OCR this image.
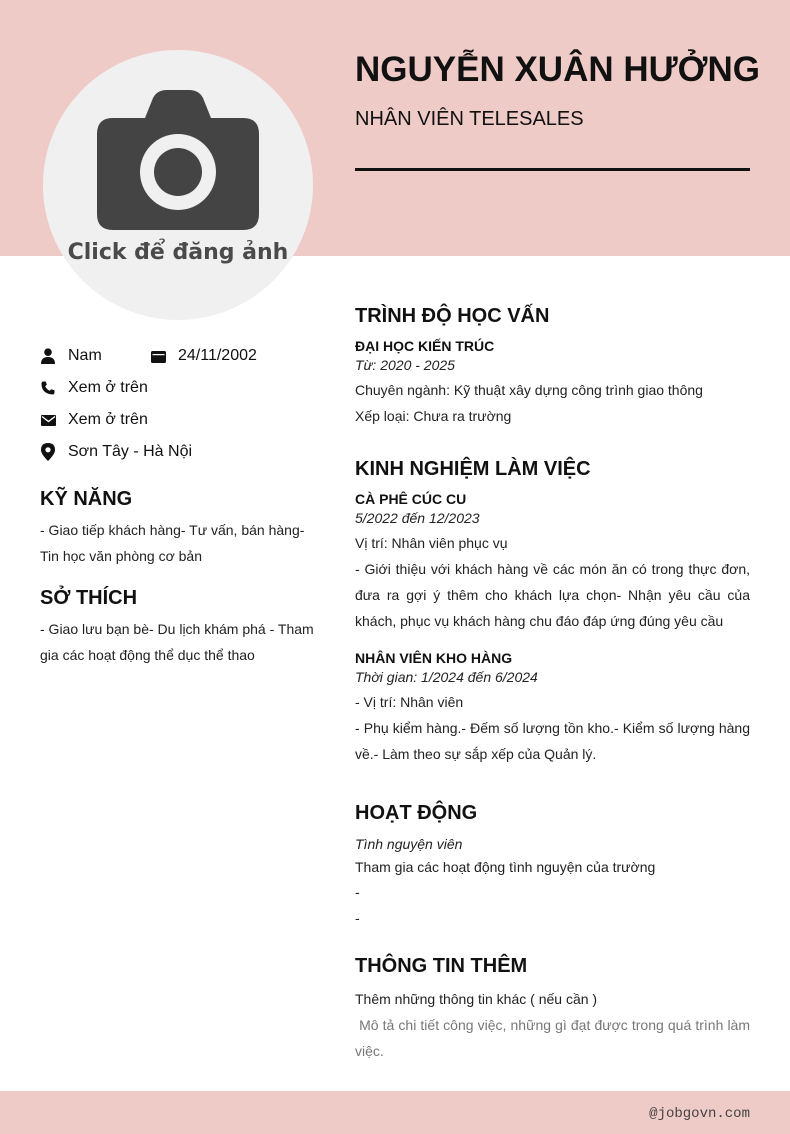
Click để đăng ảnh
NGUYỄN XUÂN HƯỞNG
NHÂN VIÊN TELESALES
Nam	24/11/2002
Xem ở trên
Xem ở trên
Sơn Tây - Hà Nội
KỸ NĂNG
- Giao tiếp khách hàng- Tư vấn, bán hàng- Tin học văn phòng cơ bản
SỞ THÍCH
- Giao lưu bạn bè- Du lịch khám phá - Tham gia các hoạt động thể dục thể thao
TRÌNH ĐỘ HỌC VẤN
ĐẠI HỌC KIẾN TRÚC
Từ: 2020 - 2025
Chuyên ngành: Kỹ thuật xây dựng công trình giao thông
Xếp loại: Chưa ra trường
KINH NGHIỆM LÀM VIỆC
CÀ PHÊ CÚC CU
5/2022 đến 12/2023
Vị trí: Nhân viên phục vụ
- Giới thiệu với khách hàng về các món ăn có trong thực đơn, đưa ra gợi ý thêm cho khách lựa chọn- Nhận yêu cầu của khách, phục vụ khách hàng chu đáo đáp ứng đúng yêu cầu
NHÂN VIÊN KHO HÀNG
Thời gian: 1/2024 đến 6/2024
- Vị trí: Nhân viên
- Phụ kiểm hàng.- Đếm số lượng tồn kho.- Kiểm số lượng hàng về.- Làm theo sự sắp xếp của Quản lý.
HOẠT ĐỘNG
Tình nguyện viên
Tham gia các hoạt động tình nguyện của trường
-
-
THÔNG TIN THÊM
Thêm những thông tin khác ( nếu cần )
Mô tả chi tiết công việc, những gì đạt được trong quá trình làm việc.
@jobgovn.com
